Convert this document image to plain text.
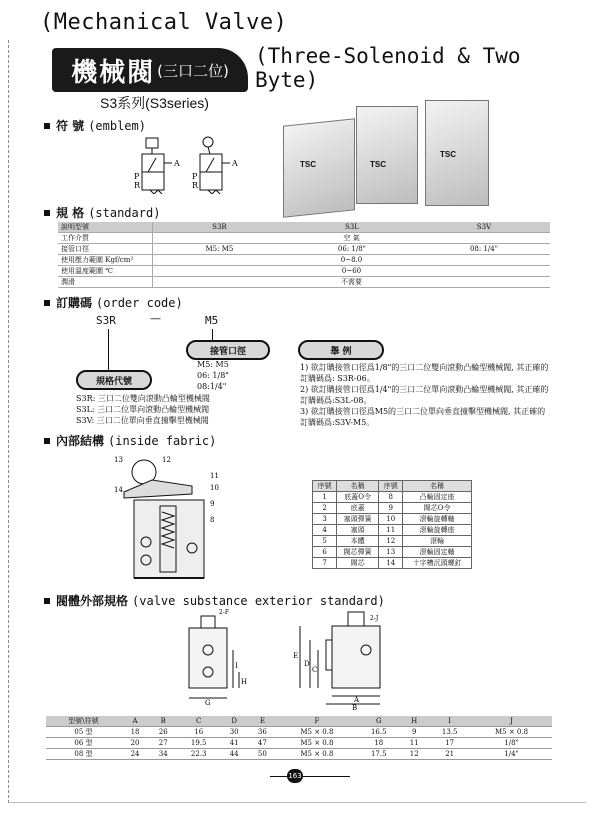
(Mechanical Valve)
機械閥 (三口二位)
(Three-Solenoid & Two Byte)
S3系列(S3series)
符 號 (emblem)
P
R
A
P
R
A	TSC	TSC
TSC
規 格 (standard)
說明型號	S3R	S3L	S3V
工作介質	空 氣		
接管口徑	M5: M5	06: 1/8"	08: 1/4"
使用壓力範圍 Kgf/cm²	0~8.0		
使用溫度範圍 ℃	0~60		
潤滑	不需要		
訂購碼 (order code)
S3R	—	M5
接管口徑
M5: M5
06: 1/8"
08:1/4"
規格代號
S3R: 三口二位雙向滾動凸輪型機械閥
S3L: 三口二位單向滾動凸輪型機械閥
S3V: 三口二位單向垂直撞擊型機械閥
舉 例
1) 欲訂購接管口徑爲1/8"的三口二位雙向滾動凸輪型機械閥, 其正確的訂購碼爲: S3R-06。
2) 欲訂購接管口徑爲1/4"的三口二位單向滾動凸輪型機械閥, 其正確的訂購碼爲:S3L-08。
3) 欲訂購接管口徑爲M5的三口二位單向垂直撞擊型機械閥, 其正確的訂購碼爲:S3V-M5。
內部結構 (inside fabric)
13
14
12
11
10
9
8
序號	名稱	序號	名稱
1	底蓋O令	8	凸輪固定座
2	底蓋	9	閥芯O令
3	塞頭彈簧	10	滾輪旋轉軸
4	塞頭	11	滾輪旋轉座
5	本體	12	滾輪
6	閥芯彈簧	13	滾輪固定軸
7	閥芯	14	十字槽沉頭螺釘
閥體外部規格 (valve substance exterior standard)
G
I
H
2-F
E
D
C
A
B
2-J
型號\符號	A	B	C	D	E	F	G	H	I	J
05 型	18	26	16	30	36	M5 × 0.8	16.5	9	13.5	M5 × 0.8
06 型	20	27	19.5	41	47	M5 × 0.8	18	11	17	1/8"
08 型	24	34	22.3	44	50	M5 × 0.8	17.5	12	21	1/4"
163
